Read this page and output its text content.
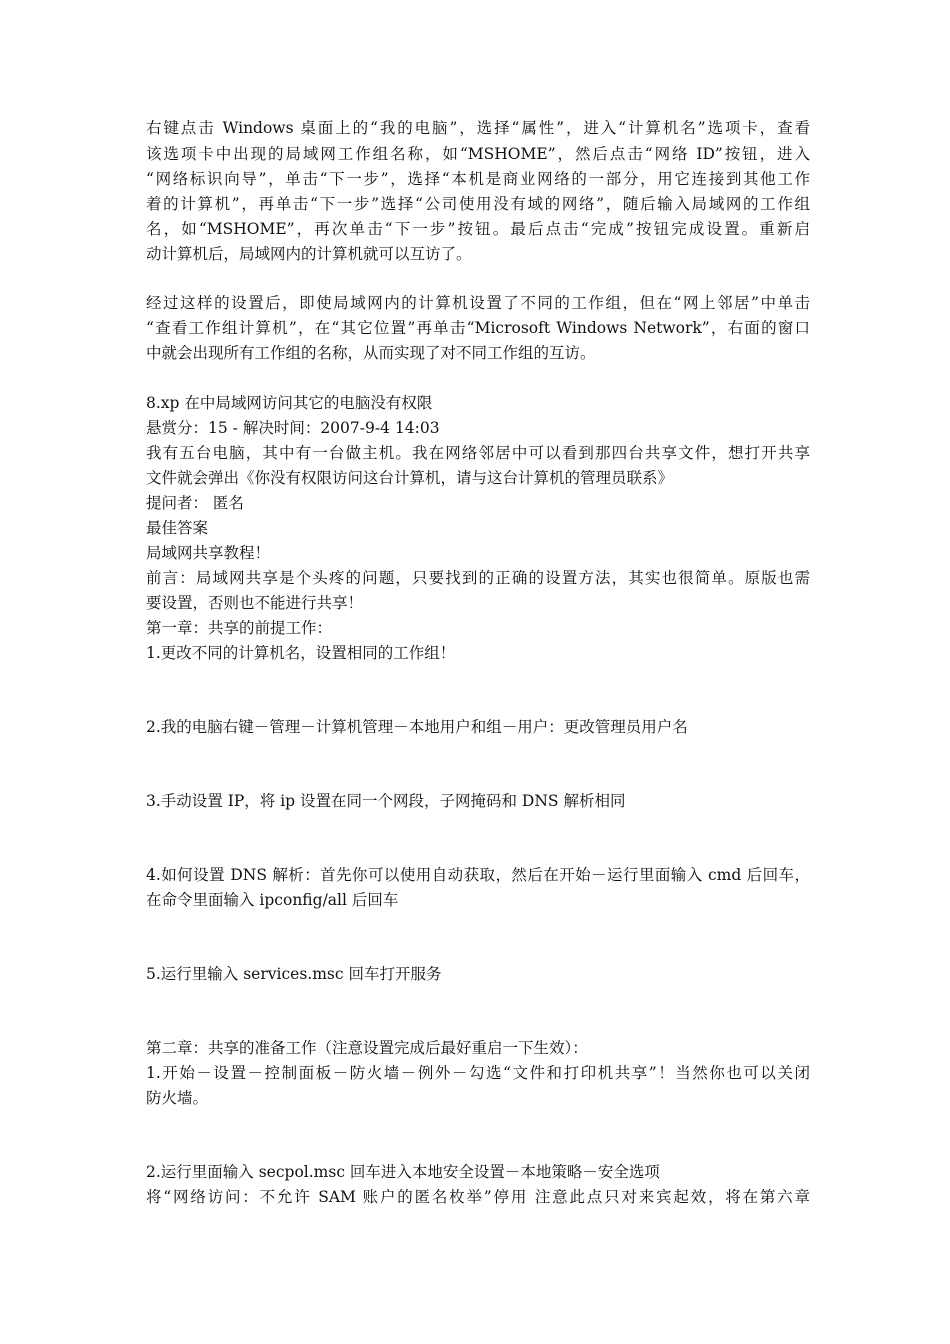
右键点击 Windows 桌面上的“我的电脑”，选择“属性”，进入“计算机名”选项卡，查看
该选项卡中出现的局域网工作组名称，如“MSHOME”，然后点击“网络 ID”按钮，进入
“网络标识向导”，单击“下一步”，选择“本机是商业网络的一部分，用它连接到其他工作
着的计算机”，再单击“下一步”选择“公司使用没有域的网络”，随后输入局域网的工作组
名，如“MSHOME”，再次单击“下一步”按钮。最后点击“完成”按钮完成设置。重新启
动计算机后，局域网内的计算机就可以互访了。
经过这样的设置后，即使局域网内的计算机设置了不同的工作组，但在“网上邻居”中单击
“查看工作组计算机”，在“其它位置”再单击“Microsoft Windows Network”，右面的窗口
中就会出现所有工作组的名称，从而实现了对不同工作组的互访。
8.xp 在中局域网访问其它的电脑没有权限
悬赏分：15 - 解决时间：2007-9-4 14:03
我有五台电脑，其中有一台做主机。我在网络邻居中可以看到那四台共享文件，想打开共享
文件就会弹出《你没有权限访问这台计算机，请与这台计算机的管理员联系》
提问者： 匿名
最佳答案
局域网共享教程！
前言：局域网共享是个头疼的问题，只要找到的正确的设置方法，其实也很简单。原版也需
要设置，否则也不能进行共享！
第一章：共享的前提工作：
1.更改不同的计算机名，设置相同的工作组！
2.我的电脑右键－管理－计算机管理－本地用户和组－用户：更改管理员用户名
3.手动设置 IP，将 ip 设置在同一个网段，子网掩码和 DNS 解析相同
4.如何设置 DNS 解析：首先你可以使用自动获取，然后在开始－运行里面输入 cmd 后回车，
在命令里面输入 ipconfig/all 后回车
5.运行里输入 services.msc 回车打开服务
第二章：共享的准备工作（注意设置完成后最好重启一下生效）：
1.开始－设置－控制面板－防火墙－例外－勾选“文件和打印机共享”！当然你也可以关闭
防火墙。
2.运行里面输入 secpol.msc 回车进入本地安全设置－本地策略－安全选项
将“网络访问：不允许 SAM 账户的匿名枚举”停用 注意此点只对来宾起效，将在第六章
